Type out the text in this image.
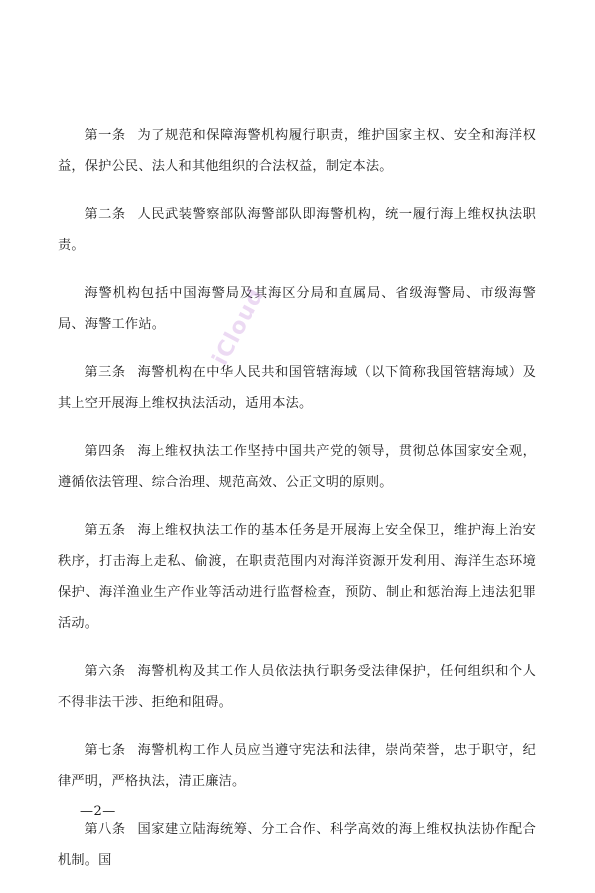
第一条 为了规范和保障海警机构履行职责，维护国家主权、安全和海洋权益，保护公民、法人和其他组织的合法权益，制定本法。

第二条 人民武装警察部队海警部队即海警机构，统一履行海上维权执法职责。

海警机构包括中国海警局及其海区分局和直属局、省级海警局、市级海警局、海警工作站。

第三条 海警机构在中华人民共和国管辖海域（以下简称我国管辖海域）及其上空开展海上维权执法活动，适用本法。

第四条 海上维权执法工作坚持中国共产党的领导，贯彻总体国家安全观，遵循依法管理、综合治理、规范高效、公正文明的原则。

第五条 海上维权执法工作的基本任务是开展海上安全保卫，维护海上治安秩序，打击海上走私、偷渡，在职责范围内对海洋资源开发利用、海洋生态环境保护、海洋渔业生产作业等活动进行监督检查，预防、制止和惩治海上违法犯罪活动。

第六条 海警机构及其工作人员依法执行职务受法律保护，任何组织和个人不得非法干涉、拒绝和阻碍。

第七条 海警机构工作人员应当遵守宪法和法律，崇尚荣誉，忠于职守，纪律严明，严格执法，清正廉洁。

第八条 国家建立陆海统筹、分工合作、科学高效的海上维权执法协作配合机制。国

iCloud
—2—
